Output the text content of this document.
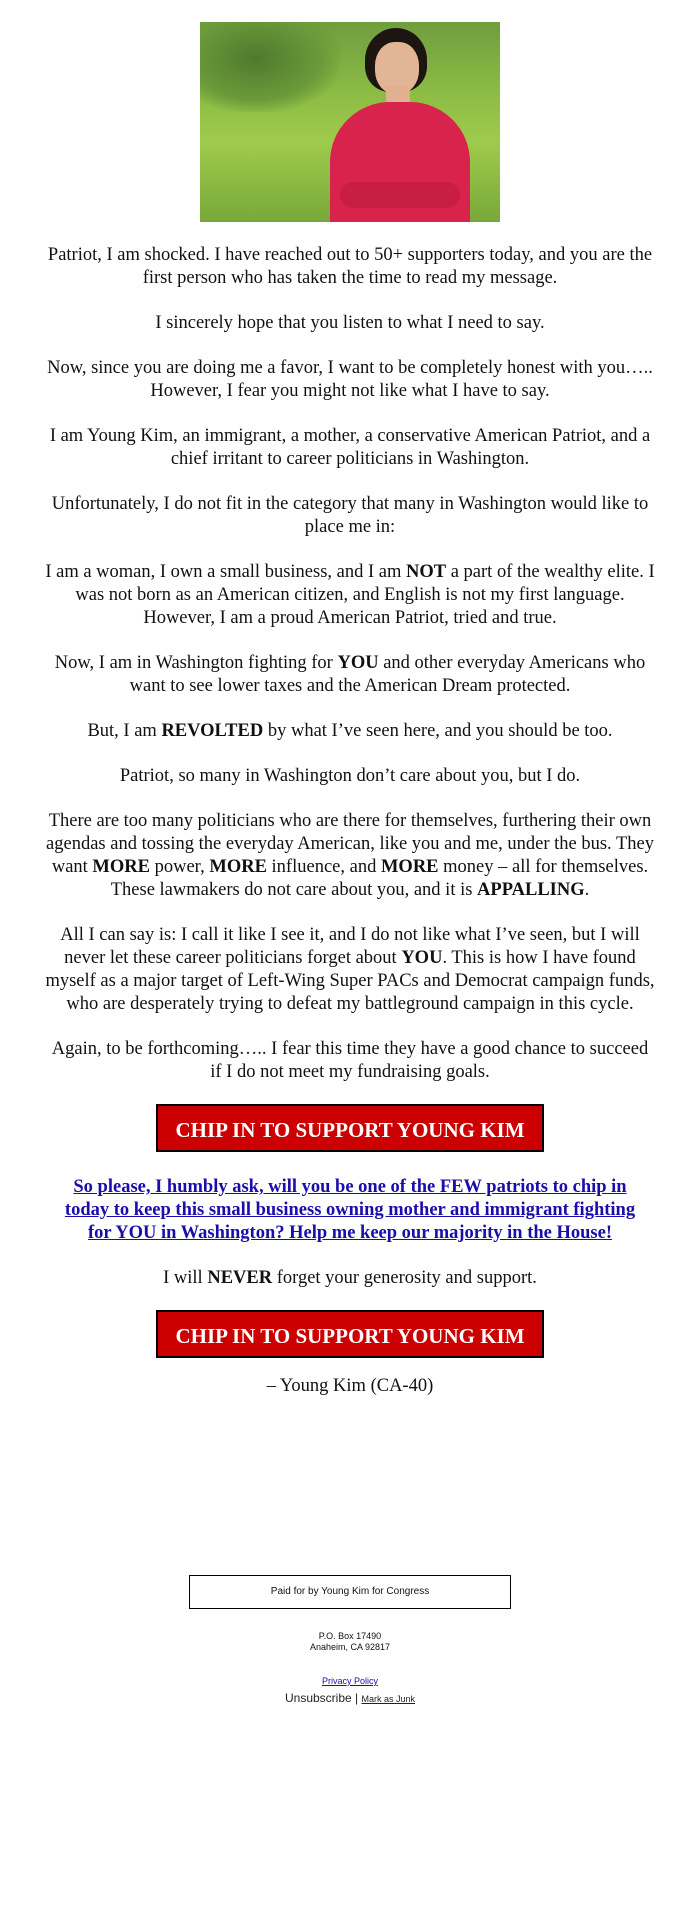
Patriot, I am shocked. I have reached out to 50+ supporters today, and you are the first person who has taken the time to read my message.

I sincerely hope that you listen to what I need to say.

Now, since you are doing me a favor, I want to be completely honest with you….. However, I fear you might not like what I have to say.

I am Young Kim, an immigrant, a mother, a conservative American Patriot, and a chief irritant to career politicians in Washington.

Unfortunately, I do not fit in the category that many in Washington would like to place me in:

I am a woman, I own a small business, and I am NOT a part of the wealthy elite. I was not born as an American citizen, and English is not my first language. However, I am a proud American Patriot, tried and true.

Now, I am in Washington fighting for YOU and other everyday Americans who want to see lower taxes and the American Dream protected.

But, I am REVOLTED by what I’ve seen here, and you should be too.

Patriot, so many in Washington don’t care about you, but I do.

There are too many politicians who are there for themselves, furthering their own agendas and tossing the everyday American, like you and me, under the bus. They want MORE power, MORE influence, and MORE money – all for themselves. These lawmakers do not care about you, and it is APPALLING.

All I can say is: I call it like I see it, and I do not like what I’ve seen, but I will never let these career politicians forget about YOU. This is how I have found myself as a major target of Left-Wing Super PACs and Democrat campaign funds, who are desperately trying to defeat my battleground campaign in this cycle.

Again, to be forthcoming….. I fear this time they have a good chance to succeed if I do not meet my fundraising goals.

CHIP IN TO SUPPORT YOUNG KIM
So please, I humbly ask, will you be one of the FEW patriots to chip in today to keep this small business owning mother and immigrant fighting for YOU in Washington? Help me keep our majority in the House!

I will NEVER forget your generosity and support.

CHIP IN TO SUPPORT YOUNG KIM
– Young Kim (CA-40)
Paid for by Young Kim for Congress
P.O. Box 17490
Anaheim, CA 92817
Privacy Policy
Unsubscribe | Mark as Junk
